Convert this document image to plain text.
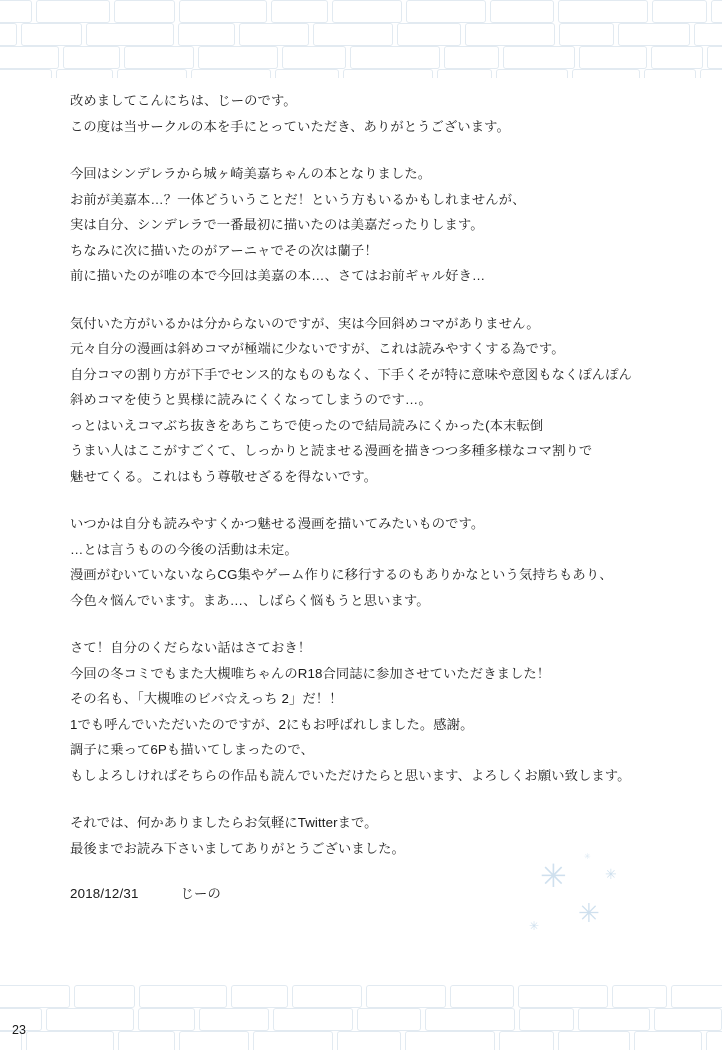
改めましてこんにちは、じーのです。
この度は当サークルの本を手にとっていただき、ありがとうございます。
今回はシンデレラから城ヶ崎美嘉ちゃんの本となりました。
お前が美嘉本…？一体どういうことだ！という方もいるかもしれませんが、
実は自分、シンデレラで一番最初に描いたのは美嘉だったりします。
ちなみに次に描いたのがアーニャでその次は蘭子！
前に描いたのが唯の本で今回は美嘉の本…、さてはお前ギャル好き…
気付いた方がいるかは分からないのですが、実は今回斜めコマがありません。
元々自分の漫画は斜めコマが極端に少ないですが、これは読みやすくする為です。
自分コマの割り方が下手でセンス的なものもなく、下手くそが特に意味や意図もなくぽんぽん
斜めコマを使うと異様に読みにくくなってしまうのです…。
っとはいえコマぶち抜きをあちこちで使ったので結局読みにくかった(本末転倒
うまい人はここがすごくて、しっかりと読ませる漫画を描きつつ多種多様なコマ割りで
魅せてくる。これはもう尊敬せざるを得ないです。
いつかは自分も読みやすくかつ魅せる漫画を描いてみたいものです。
…とは言うものの今後の活動は未定。
漫画がむいていないならCG集やゲーム作りに移行するのもありかなという気持ちもあり、
今色々悩んでいます。まあ…、しばらく悩もうと思います。
さて！自分のくだらない話はさておき！
今回の冬コミでもまた大槻唯ちゃんのR18合同誌に参加させていただきました！
その名も、「大槻唯のビバ☆えっち 2」だ！！
1でも呼んでいただいたのですが、2にもお呼ばれしました。感謝。
調子に乗って6Pも描いてしまったので、
もしよろしければそちらの作品も読んでいただけたらと思います、よろしくお願い致します。
それでは、何かありましたらお気軽にTwitterまで。
最後までお読み下さいましてありがとうございました。
2018/12/31	じーの	✳	✳
✳
✳
✳
23
